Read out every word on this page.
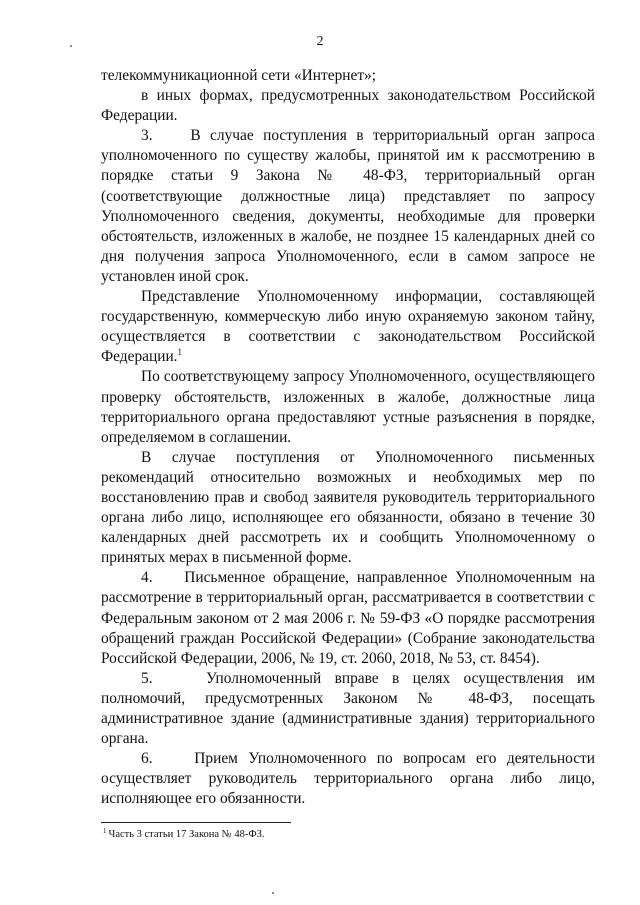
2

телекоммуникационной сети «Интернет»;

в иных формах, предусмотренных законодательством Российской Федерации.

3.    В случае поступления в территориальный орган запроса уполномоченного по существу жалобы, принятой им к рассмотрению в порядке статьи 9 Закона № 48-ФЗ, территориальный орган (соответствующие должностные лица) представляет по запросу Уполномоченного сведения, документы, необходимые для проверки обстоятельств, изложенных в жалобе, не позднее 15 календарных дней со дня получения запроса Уполномоченного, если в самом запросе не установлен иной срок.

Представление Уполномоченному информации, составляющей государственную, коммерческую либо иную охраняемую законом тайну, осуществляется в соответствии с законодательством Российской Федерации.$^1$

По соответствующему запросу Уполномоченного, осуществляющего проверку обстоятельств, изложенных в жалобе, должностные лица территориального органа предоставляют устные разъяснения в порядке, определяемом в соглашении.

В случае поступления от Уполномоченного письменных рекомендаций относительно возможных и необходимых мер по восстановлению прав и свобод заявителя руководитель территориального органа либо лицо, исполняющее его обязанности, обязано в течение 30 календарных дней рассмотреть их и сообщить Уполномоченному о принятых мерах в письменной форме.

4.    Письменное обращение, направленное Уполномоченным на рассмотрение в территориальный орган, рассматривается в соответствии с Федеральным законом от 2 мая 2006 г. № 59-ФЗ «О порядке рассмотрения обращений граждан Российской Федерации» (Собрание законодательства Российской Федерации, 2006, № 19, ст. 2060, 2018, № 53, ст. 8454).

5.    Уполномоченный вправе в целях осуществления им полномочий, предусмотренных Законом № 48-ФЗ, посещать административное здание (административные здания) территориального органа.

6.    Прием Уполномоченного по вопросам его деятельности осуществляет руководитель территориального органа либо лицо, исполняющее его обязанности.

$^1$ Часть 3 статьи 17 Закона № 48-ФЗ.
